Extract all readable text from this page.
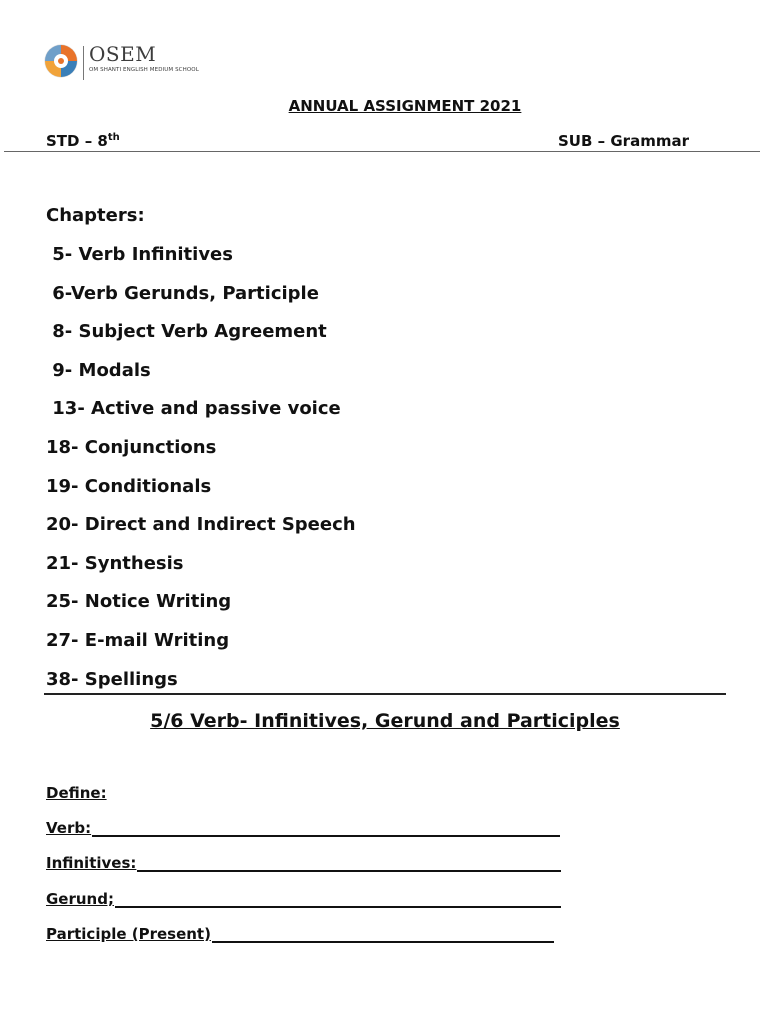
OSEM
OM SHANTI ENGLISH MEDIUM SCHOOL
ANNUAL ASSIGNMENT 2021
STD – 8th	SUB – Grammar
Chapters:
5- Verb Infinitives
6-Verb Gerunds, Participle
8- Subject Verb Agreement
9- Modals
13- Active and passive voice
18- Conjunctions
19- Conditionals
20- Direct and Indirect Speech
21- Synthesis
25- Notice Writing
27- E-mail Writing
38- Spellings
5/6 Verb- Infinitives, Gerund and Participles
Define:
Verb:
Infinitives:
Gerund;
Participle (Present)
